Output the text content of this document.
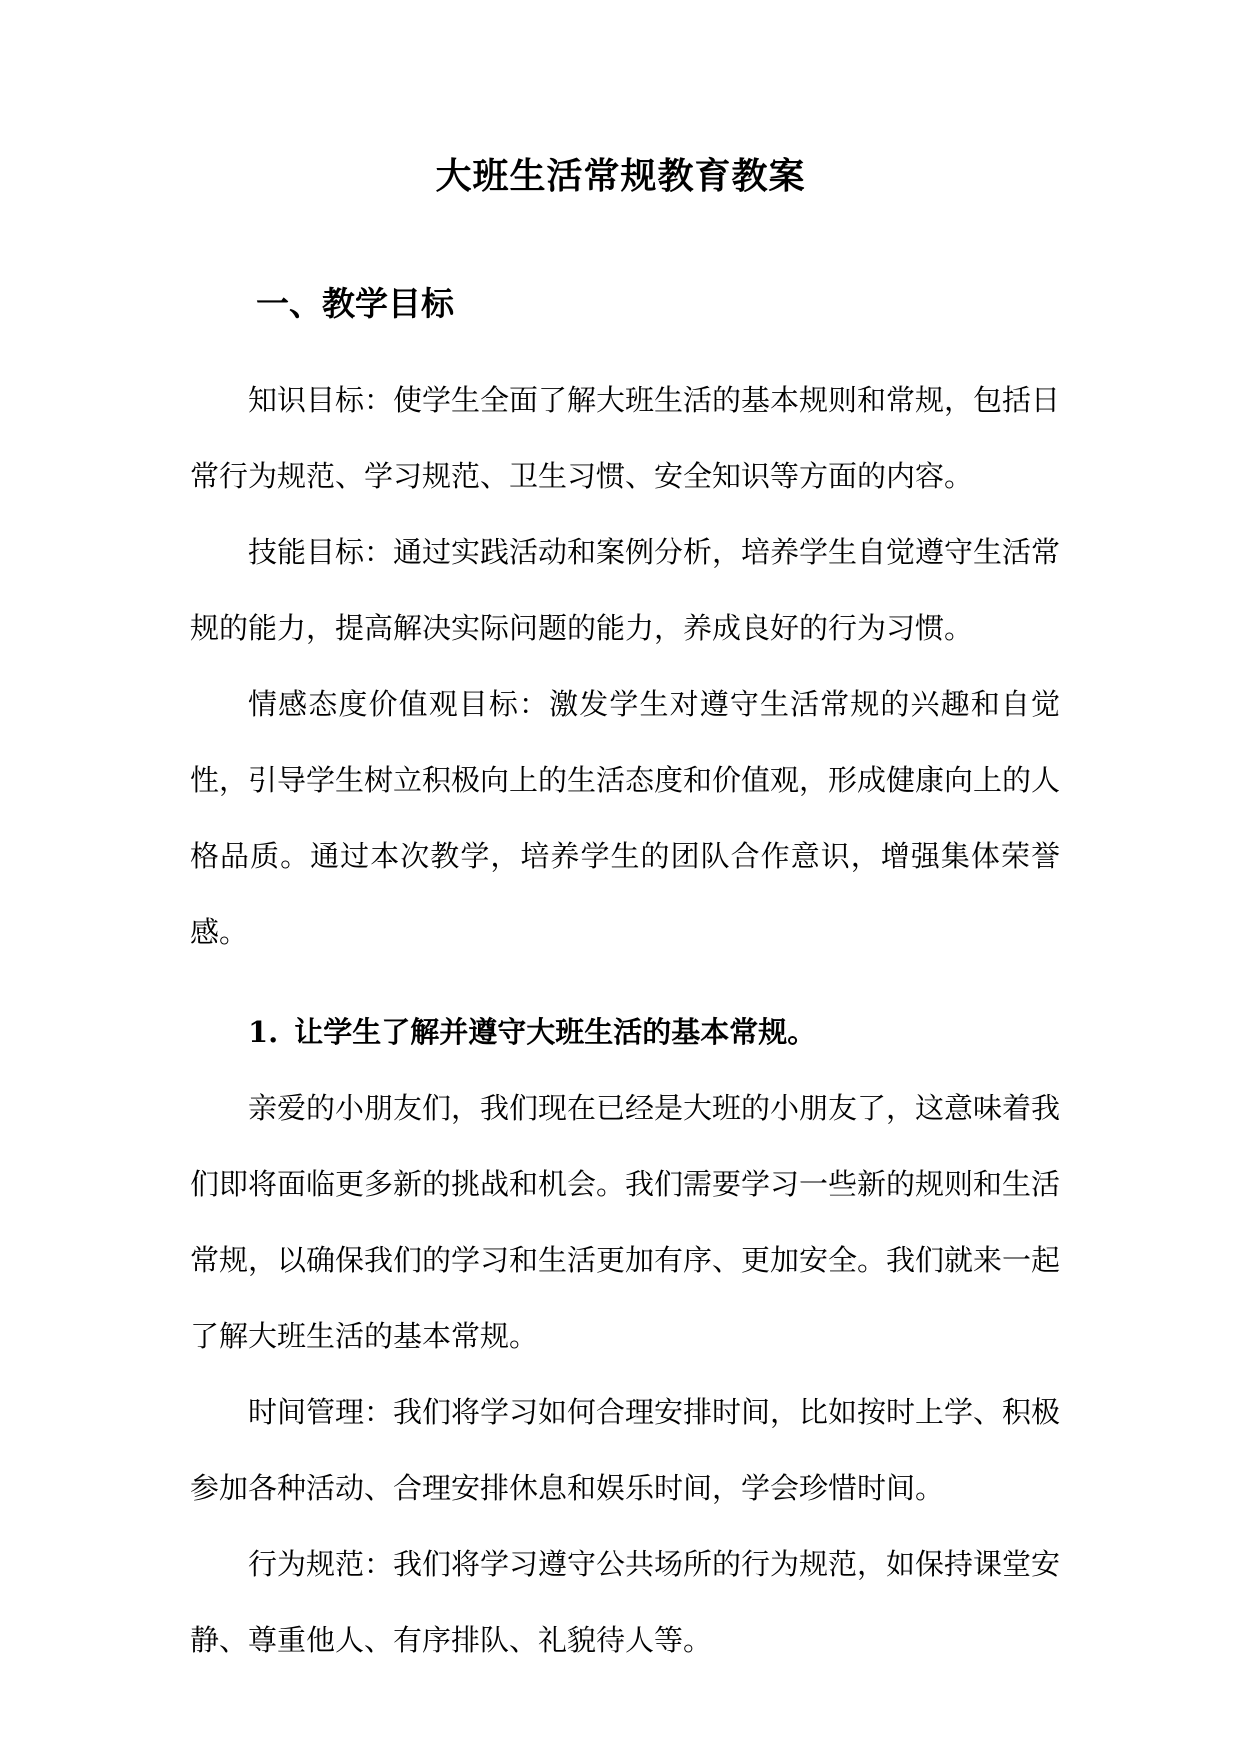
大班生活常规教育教案
一、教学目标

知识目标：使学生全面了解大班生活的基本规则和常规，包括日常行为规范、学习规范、卫生习惯、安全知识等方面的内容。

技能目标：通过实践活动和案例分析，培养学生自觉遵守生活常规的能力，提高解决实际问题的能力，养成良好的行为习惯。

情感态度价值观目标：激发学生对遵守生活常规的兴趣和自觉性，引导学生树立积极向上的生活态度和价值观，形成健康向上的人格品质。通过本次教学，培养学生的团队合作意识，增强集体荣誉感。

1. 让学生了解并遵守大班生活的基本常规。

亲爱的小朋友们，我们现在已经是大班的小朋友了，这意味着我们即将面临更多新的挑战和机会。我们需要学习一些新的规则和生活常规，以确保我们的学习和生活更加有序、更加安全。我们就来一起了解大班生活的基本常规。

时间管理：我们将学习如何合理安排时间，比如按时上学、积极参加各种活动、合理安排休息和娱乐时间，学会珍惜时间。

行为规范：我们将学习遵守公共场所的行为规范，如保持课堂安静、尊重他人、有序排队、礼貌待人等。
